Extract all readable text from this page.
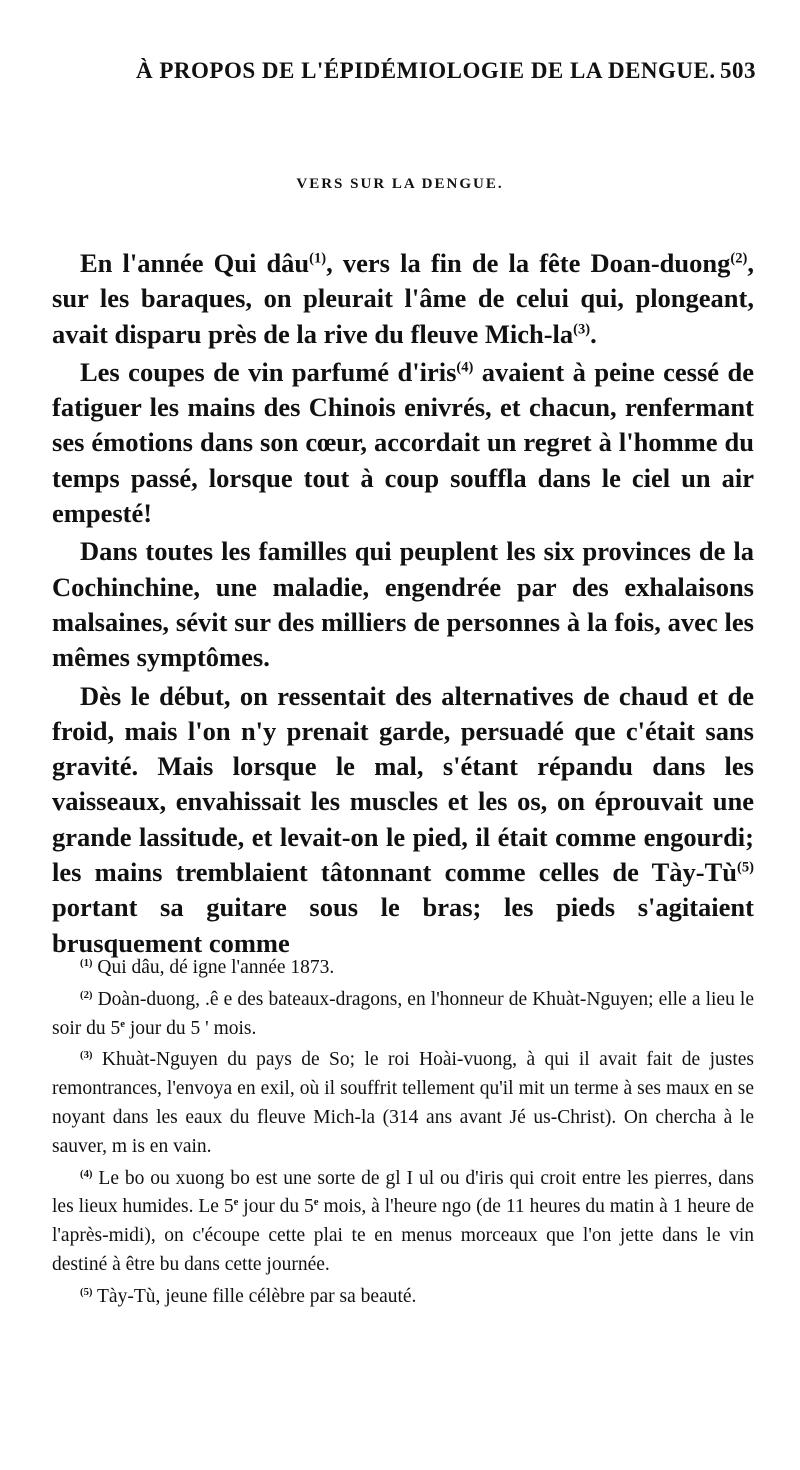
À PROPOS DE L'ÉPIDÉMIOLOGIE DE LA DENGUE. 503
VERS SUR LA DENGUE.

En l'année Qui dâu$^{(1)}$, vers la fin de la fête Doan-duong$^{(2)}$, sur les baraques, on pleurait l'âme de celui qui, plongeant, avait disparu près de la rive du fleuve Mich-$la^{(3)}$.

Les coupes de vin parfumé d'iris$^{(4)}$ avaient à peine cessé de fatiguer les mains des Chinois enivrés, et chacun, renfermant ses émotions dans son cœur, accordait un regret à l'homme du temps passé, lorsque tout à coup souffla dans le ciel un air empesté!

Dans toutes les familles qui peuplent les six provinces de la Cochinchine, une maladie, engendrée par des exhalaisons malsaines, sévit sur des milliers de personnes à la fois, avec les mêmes symptômes.

Dès le début, on ressentait des alternatives de chaud et de froid, mais l'on n'y prenait garde, persuadé que c'était sans gravité. Mais lorsque le mal, s'étant répandu dans les vaisseaux, envahissait les muscles et les os, on éprouvait une grande lassitude, et levait-on le pied, il était comme engourdi; les mains tremblaient tâtonnant comme celles de Tày-$Tù^{(5)}$ portant sa guitare sous le bras; les pieds s'agitaient brusquement comme

$^{(1)}$ Qui dâu, dé igne l'année 1873.

$^{(2)}$ Doàn-duong, .ê e des bateaux-dragons, en l'honneur de Khuàt-Nguyen; elle a lieu le soir du 5e jour du 5 ' mois.

$^{(3)}$ Khuàt-Nguyen du pays de So; le roi Hoài-vuong, à qui il avait fait de justes remontrances, l'envoya en exil, où il souffrit tellement qu'il mit un terme à ses maux en se noyant dans les eaux du fleuve Mich-la (314 ans avant Jé us-Christ). On chercha à le sauver, m is en vain.

$^{(4)}$ Le bo ou xuong bo est une sorte de gl I ul ou d'iris qui croit entre les pierres, dans les lieux humides. Le 5e jour du 5e mois, à l'heure ngo (de 11 heures du matin à 1 heure de l'après-midi), on c'écoupe cette plai te en menus morceaux que l'on jette dans le vin destiné à être bu dans cette journée.

$^{(5)}$ Tày-Tù, jeune fille célèbre par sa beauté.
